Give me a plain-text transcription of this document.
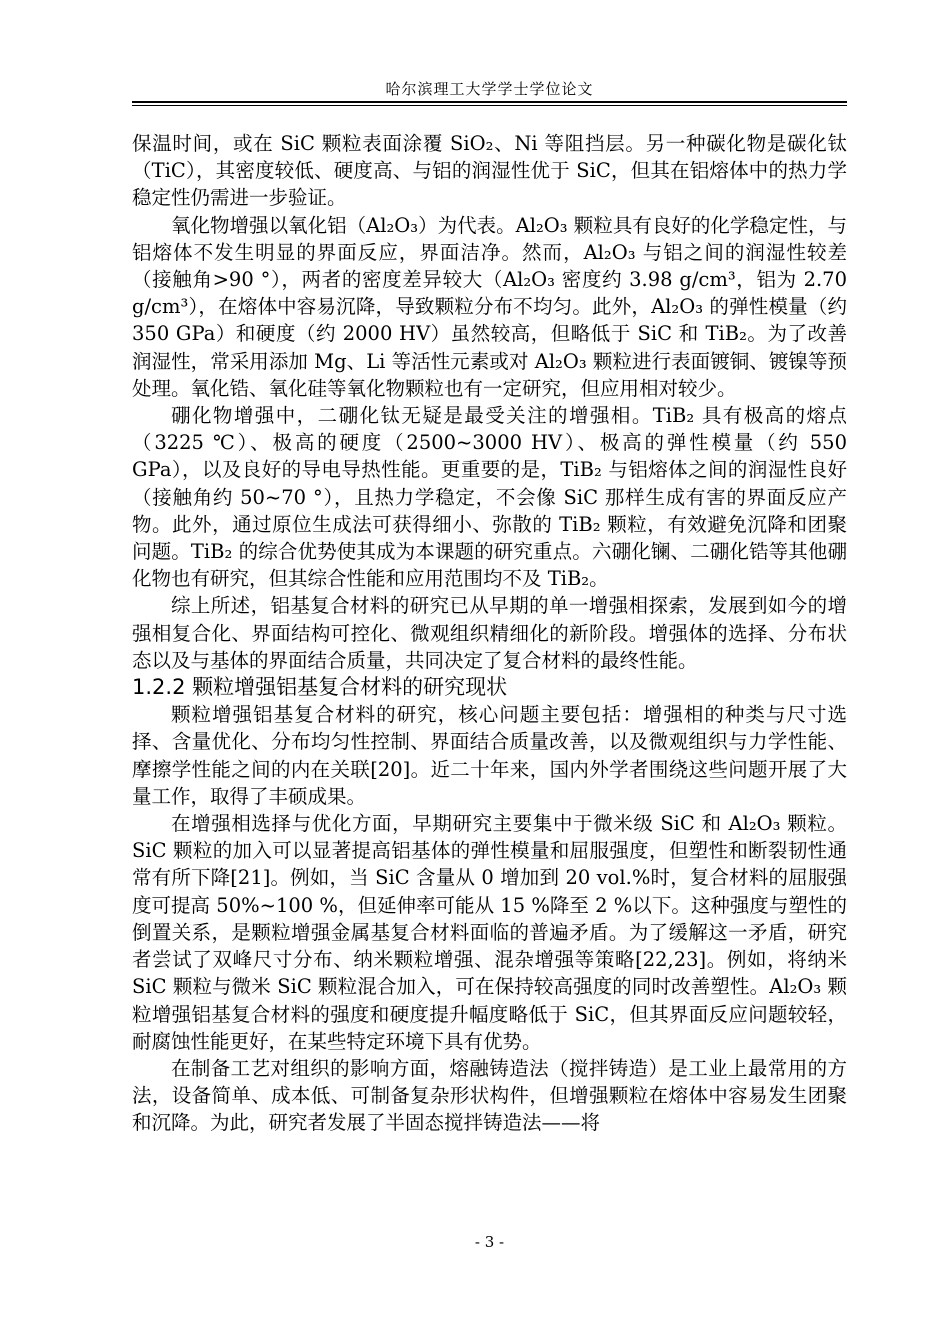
哈尔滨理工大学学士学位论文

保温时间，或在 SiC 颗粒表面涂覆 SiO₂、Ni 等阻挡层。另一种碳化物是碳化钛（TiC），其密度较低、硬度高、与铝的润湿性优于 SiC，但其在铝熔体中的热力学稳定性仍需进一步验证。

氧化物增强以氧化铝（Al₂O₃）为代表。Al₂O₃ 颗粒具有良好的化学稳定性，与铝熔体不发生明显的界面反应，界面洁净。然而，Al₂O₃ 与铝之间的润湿性较差（接触角>90 °），两者的密度差异较大（Al₂O₃ 密度约 3.98 g/cm³，铝为 2.70 g/cm³），在熔体中容易沉降，导致颗粒分布不均匀。此外，Al₂O₃ 的弹性模量（约 350 GPa）和硬度（约 2000 HV）虽然较高，但略低于 SiC 和 TiB₂。为了改善润湿性，常采用添加 Mg、Li 等活性元素或对 Al₂O₃ 颗粒进行表面镀铜、镀镍等预处理。氧化锆、氧化硅等氧化物颗粒也有一定研究，但应用相对较少。

硼化物增强中，二硼化钛无疑是最受关注的增强相。TiB₂ 具有极高的熔点（3225 ℃）、极高的硬度（2500~3000 HV）、极高的弹性模量（约 550 GPa），以及良好的导电导热性能。更重要的是，TiB₂ 与铝熔体之间的润湿性良好（接触角约 50~70 °），且热力学稳定，不会像 SiC 那样生成有害的界面反应产物。此外，通过原位生成法可获得细小、弥散的 TiB₂ 颗粒，有效避免沉降和团聚问题。TiB₂ 的综合优势使其成为本课题的研究重点。六硼化镧、二硼化锆等其他硼化物也有研究，但其综合性能和应用范围均不及 TiB₂。

综上所述，铝基复合材料的研究已从早期的单一增强相探索，发展到如今的增强相复合化、界面结构可控化、微观组织精细化的新阶段。增强体的选择、分布状态以及与基体的界面结合质量，共同决定了复合材料的最终性能。

1.2.2 颗粒增强铝基复合材料的研究现状

颗粒增强铝基复合材料的研究，核心问题主要包括：增强相的种类与尺寸选择、含量优化、分布均匀性控制、界面结合质量改善，以及微观组织与力学性能、摩擦学性能之间的内在关联[20]。近二十年来，国内外学者围绕这些问题开展了大量工作，取得了丰硕成果。

在增强相选择与优化方面，早期研究主要集中于微米级 SiC 和 Al₂O₃ 颗粒。SiC 颗粒的加入可以显著提高铝基体的弹性模量和屈服强度，但塑性和断裂韧性通常有所下降[21]。例如，当 SiC 含量从 0 增加到 20 vol.%时，复合材料的屈服强度可提高 50%~100 %，但延伸率可能从 15 %降至 2 %以下。这种强度与塑性的倒置关系，是颗粒增强金属基复合材料面临的普遍矛盾。为了缓解这一矛盾，研究者尝试了双峰尺寸分布、纳米颗粒增强、混杂增强等策略[22,23]。例如，将纳米 SiC 颗粒与微米 SiC 颗粒混合加入，可在保持较高强度的同时改善塑性。Al₂O₃ 颗粒增强铝基复合材料的强度和硬度提升幅度略低于 SiC，但其界面反应问题较轻，耐腐蚀性能更好，在某些特定环境下具有优势。

在制备工艺对组织的影响方面，熔融铸造法（搅拌铸造）是工业上最常用的方法，设备简单、成本低、可制备复杂形状构件，但增强颗粒在熔体中容易发生团聚和沉降。为此，研究者发展了半固态搅拌铸造法——将

- 3 -
